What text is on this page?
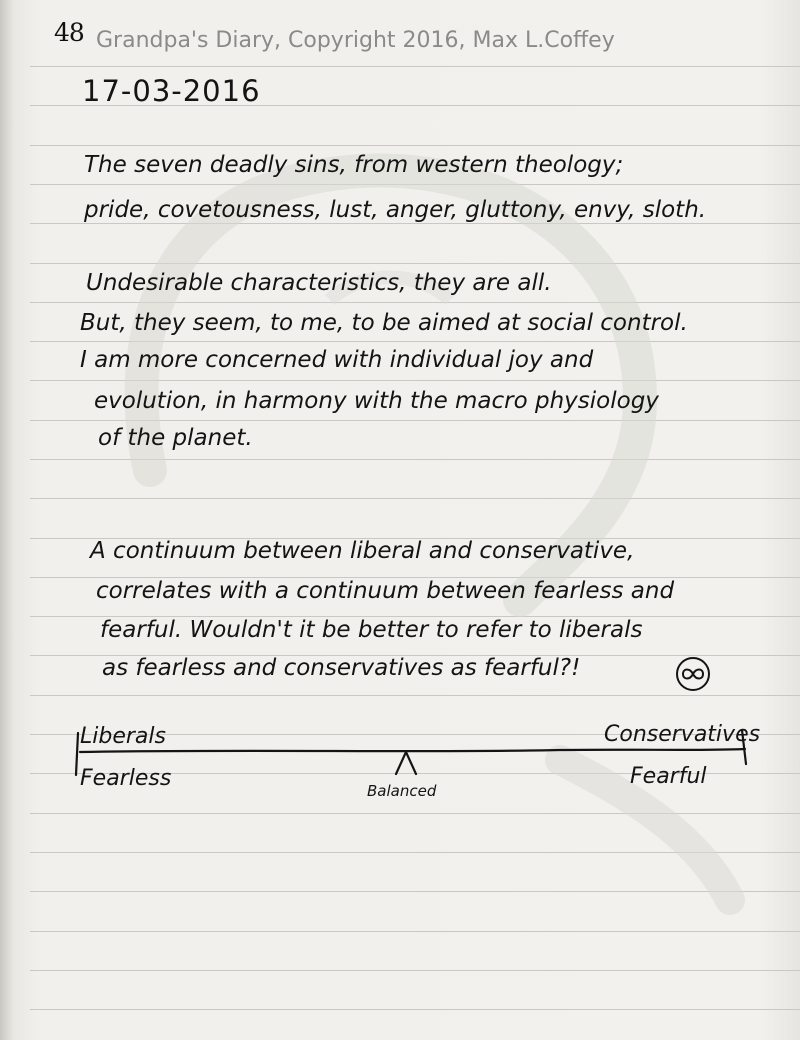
48 Grandpa's Diary, Copyright 2016, Max L.Coffey
17-03-2016
The seven deadly sins, from western theology;
pride, covetousness, lust, anger, gluttony, envy, sloth.
Undesirable characteristics, they are all.
But, they seem, to me, to be aimed at social control.
I am more concerned with individual joy and
evolution, in harmony with the macro physiology
of the planet.
A continuum between liberal and conservative,
correlates with a continuum between fearless and
fearful. Wouldn't it be better to refer to liberals
as fearless and conservatives as fearful?!
Liberals
Fearless
Conservatives
Fearful
Balanced
